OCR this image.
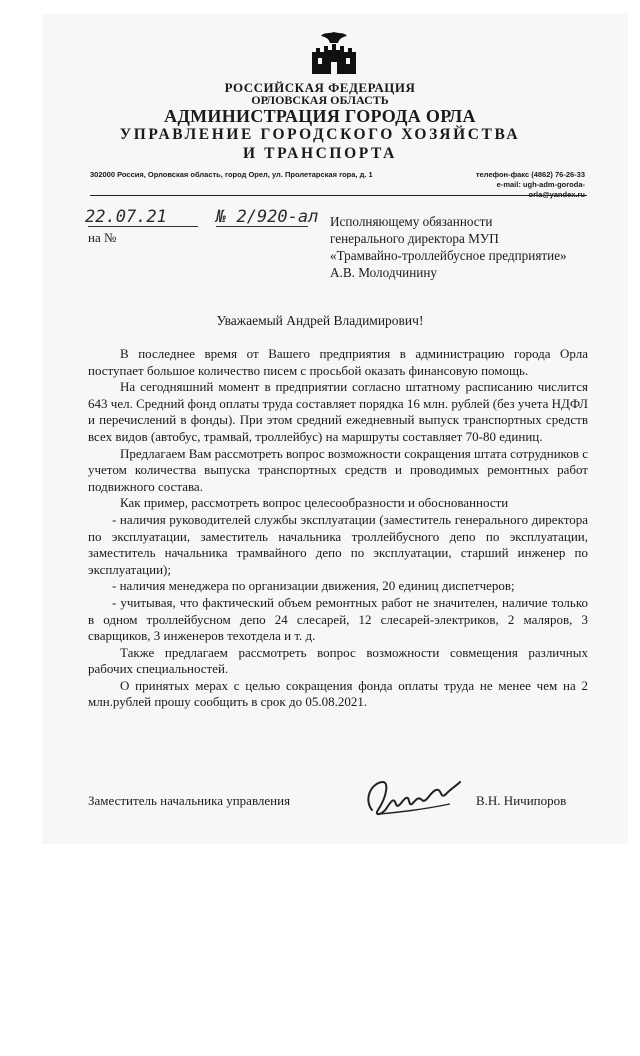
РОССИЙСКАЯ ФЕДЕРАЦИЯ
ОРЛОВСКАЯ ОБЛАСТЬ
АДМИНИСТРАЦИЯ ГОРОДА ОРЛА
УПРАВЛЕНИЕ ГОРОДСКОГО ХОЗЯЙСТВА
И ТРАНСПОРТА
302000 Россия, Орловская область, город Орел, ул. Пролетарская гора, д. 1	телефон-факс (4862) 76-26-33
e-mail: ugh-adm-goroda-
22.07.21
на №
№ 2/920-ал Исполняющему обязанности
генерального директора МУП
«Трамвайно-троллейбусное предприятие»
А.В. Молодчинину
Уважаемый Андрей Владимирович!

В последнее время от Вашего предприятия в администрацию города Орла поступает большое количество писем с просьбой оказать финансовую помощь.

На сегодняшний момент в предприятии согласно штатному расписанию числится 643 чел. Средний фонд оплаты труда составляет порядка 16 млн. рублей (без учета НДФЛ и перечислений в фонды). При этом средний ежедневный выпуск транспортных средств всех видов (автобус, трамвай, троллейбус) на маршруты составляет 70-80 единиц.

Предлагаем Вам рассмотреть вопрос возможности сокращения штата сотрудников с учетом количества выпуска транспортных средств и проводимых ремонтных работ подвижного состава.

Как пример, рассмотреть вопрос целесообразности и обоснованности

- наличия руководителей службы эксплуатации (заместитель генерального директора по эксплуатации, заместитель начальника троллейбусного депо по эксплуатации, заместитель начальника трамвайного депо по эксплуатации, старший инженер по эксплуатации);

- наличия менеджера по организации движения, 20 единиц диспетчеров;

- учитывая, что фактический объем ремонтных работ не значителен, наличие только в одном троллейбусном депо 24 слесарей, 12 слесарей-электриков, 2 маляров, 3 сварщиков, 3 инженеров техотдела и т. д.

Также предлагаем рассмотреть вопрос возможности совмещения различных рабочих специальностей.

О принятых мерах с целью сокращения фонда оплаты труда не менее чем на 2 млн.рублей прошу сообщить в срок до 05.08.2021.

Заместитель начальника управления	В.Н. Ничипоров
